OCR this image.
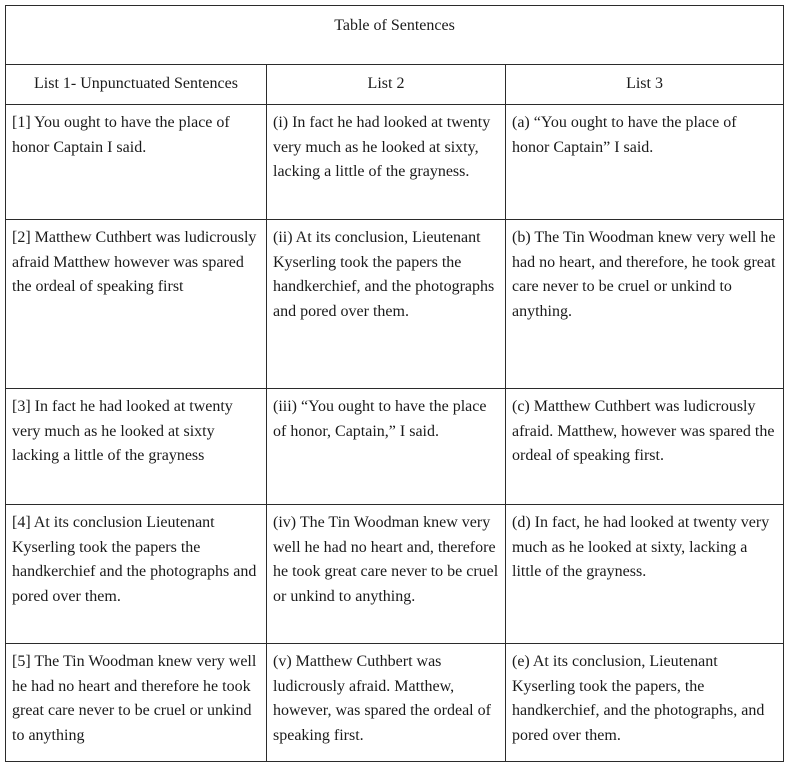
Table of Sentences		
List 1- Unpunctuated Sentences	List 2	List 3
[1] You ought to have the place of honor Captain I said.	(i) In fact he had looked at twenty very much as he looked at sixty, lacking a little of the grayness.	(a) “You ought to have the place of honor Captain” I said.
[2] Matthew Cuthbert was ludicrously afraid Matthew however was spared the ordeal of speaking first	(ii) At its conclusion, Lieutenant Kyserling took the papers the handkerchief, and the photographs and pored over them.	(b) The Tin Woodman knew very well he had no heart, and therefore, he took great care never to be cruel or unkind to anything.
[3] In fact he had looked at twenty very much as he looked at sixty lacking a little of the grayness	(iii) “You ought to have the place of honor, Captain,” I said.	(c) Matthew Cuthbert was ludicrously afraid. Matthew, however was spared the ordeal of speaking first.
[4] At its conclusion Lieutenant Kyserling took the papers the handkerchief and the photographs and pored over them.	(iv) The Tin Woodman knew very well he had no heart and, therefore he took great care never to be cruel or unkind to anything.	(d) In fact, he had looked at twenty very much as he looked at sixty, lacking a little of the grayness.
[5] The Tin Woodman knew very well he had no heart and therefore he took great care never to be cruel or unkind to anything	(v) Matthew Cuthbert was ludicrously afraid. Matthew, however, was spared the ordeal of speaking first.	(e) At its conclusion, Lieutenant Kyserling took the papers, the handkerchief, and the photographs, and pored over them.
